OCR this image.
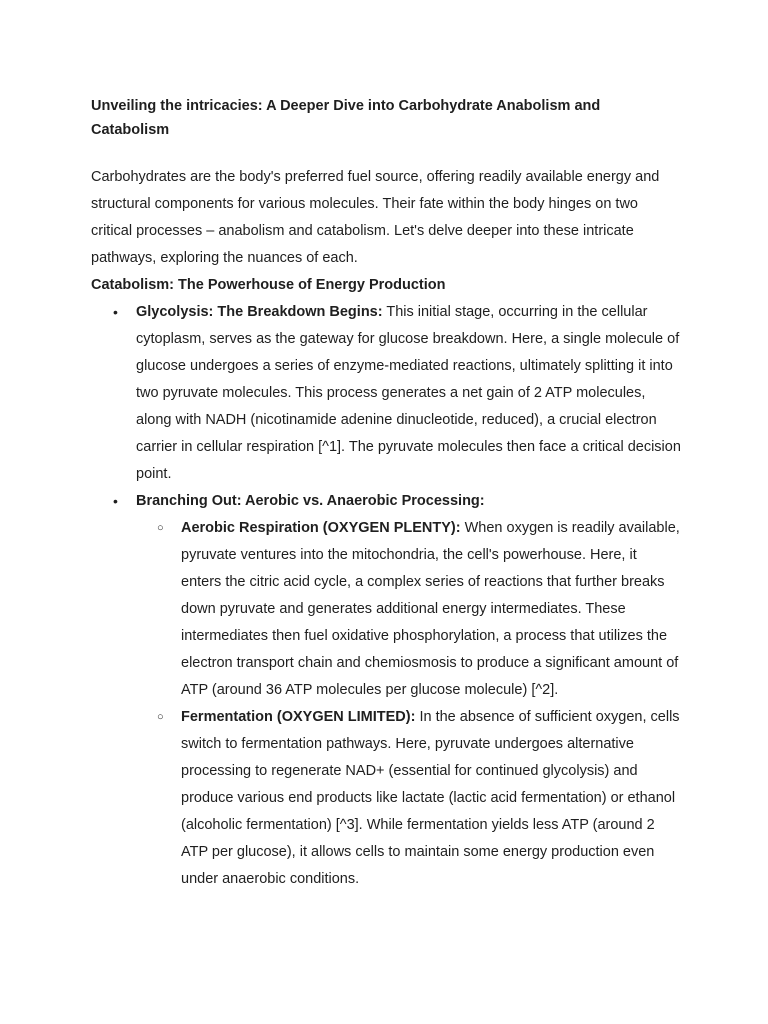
Unveiling the intricacies: A Deeper Dive into Carbohydrate Anabolism and Catabolism

Carbohydrates are the body's preferred fuel source, offering readily available energy and structural components for various molecules. Their fate within the body hinges on two critical processes – anabolism and catabolism. Let's delve deeper into these intricate pathways, exploring the nuances of each.

Catabolism: The Powerhouse of Energy Production

• Glycolysis: The Breakdown Begins: This initial stage, occurring in the cellular cytoplasm, serves as the gateway for glucose breakdown. Here, a single molecule of glucose undergoes a series of enzyme-mediated reactions, ultimately splitting it into two pyruvate molecules. This process generates a net gain of 2 ATP molecules, along with NADH (nicotinamide adenine dinucleotide, reduced), a crucial electron carrier in cellular respiration [^1]. The pyruvate molecules then face a critical decision point.
• Branching Out: Aerobic vs. Anaerobic Processing:
○ Aerobic Respiration (OXYGEN PLENTY): When oxygen is readily available, pyruvate ventures into the mitochondria, the cell's powerhouse. Here, it enters the citric acid cycle, a complex series of reactions that further breaks down pyruvate and generates additional energy intermediates. These intermediates then fuel oxidative phosphorylation, a process that utilizes the electron transport chain and chemiosmosis to produce a significant amount of ATP (around 36 ATP molecules per glucose molecule) [^2].
○ Fermentation (OXYGEN LIMITED): In the absence of sufficient oxygen, cells switch to fermentation pathways. Here, pyruvate undergoes alternative processing to regenerate NAD+ (essential for continued glycolysis) and produce various end products like lactate (lactic acid fermentation) or ethanol (alcoholic fermentation) [^3]. While fermentation yields less ATP (around 2 ATP per glucose), it allows cells to maintain some energy production even under anaerobic conditions.
